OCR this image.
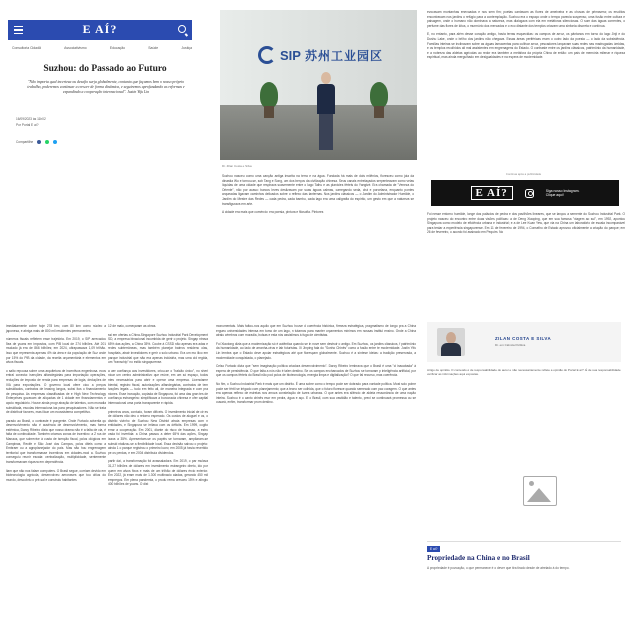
E AÍ?
Consultoria Cidadã	Associativismo	Educação	Saúde	Justiça
Suzhou: do Passado ao Futuro

"Não importa qual incerteza ou desafio surja globalmente, contanto que façamos bem o nosso próprio trabalho, poderemos continuar a crescer de forma dinâmica, e seguiremos aprofundando as reformas e expandindo a cooperação internacional". Justin Yifu Lin

16/09/2023 às 11h02
Por Portal E aí?
Compartilhe
SIP 苏州工业园区
Dr. Zilan Costa e Silva

Suzhou nasceu como uma canção antiga inscrita na terra e na água. Fundada há mais de dois milênios, floresceu como joia da dinastia Wu e tornou-se, sob Tang e Song, um dos berços da civilização chinesa. Seus canais entrelaçados serpenteavam como veias líquidas de uma cidade que respirava suavemente entre o lago Taihu e as planícies férteis do Yangtzé. Era chamada de "Veneza do Oriente", não por acaso: barcos leves deslizavam por suas águas calmas, carregando seda, chá e porcelana, enquanto pontes arqueadas ligavam caminhos delicados sobre o reflexo das lanternas. Nos jardins clássicos — o Jardim do Administrador Humilde, o Jardim do Mestre das Redes — cada pedra, cada bambu, cada lago era uma caligrafia do espírito, um gesto em que a natureza se transfigurava em arte.

A cidade era mais que comércio: era poesia, pintura e filosofia. Pintores

evocavam montanhas enevoadas e nos sem fim; poetas cantavam as flores de ameixeira e as chuvas de primavera; os eruditos encontravam nos jardins o refúgio para a contemplação. Suzhou era o espaço onde o tempo parecia suspenso, uma fusão entre cultura e paisagem, onde o humano não dominava a natureza, mas dialogava com ela em metáforas silenciosas. O som das águas correntes, o perfume das flores de lótus, o murmúrio dos mercados e o eco distante dos templos criavam uma sinfonia discreta e contínua.

E, no entanto, para além desse coração antigo, havia terras esquecidas: os campos de arroz, os pântanos em torno do lago Jinji e do Dushu Lake, onde o brilho dos jardins não chegava. Essas áreas periféricas eram o outro lado da poesia — o lado da subsistência. Famílias inteiras se inclinavam sobre as águas lamacentas para cultivar arroz, pescadores lançavam suas redes nas madrugadas úmidas, e os templos recolhidos ali mal assistentes em engrenagens do Estado. O contraste entre os jardins clássicos, patrimônio da humanidade, e a nobreza das aldeias agrícolas ao redor era também a metáfora da própria China de então: um país de memória milenar e riqueza espiritual, mas ainda mergulhado em desigualdades e na espera de modernidade.

Continua após a publicidade
E AÍ?	Siga nosso Instagram.
Clique aqui!

Foi nesse entorno humilde, longe dos palácios de pedra e dos pavilhões lineares, que se lançou a semente do Suzhou Industrial Park. O projeto nasceu do encontro entre duas visões políticas: a de Deng Xiaoping, que em sua famosa "viagem ao sul", em 1992, apontou Singapura como modelo de eficiência urbana e industrial; e a de Lee Kuan Yew, que via na China um laboratório de escala incomparável para testar a experiência singapurense. Em 11 de fevereiro de 1994, o Conselho de Estado aprovou oficialmente a criação do parque; em 26 de fevereiro, o acordo foi assinado em Pequim. No

imediatamente cobre hoje 278 km², com 80 km² como núcleo a japonesa, e abriga mais de 800 mil residentes permanentes.

números fiscais refletem esse trajetória. Em 2019, o SIP arrecadou 5ea de yuans em impostos, com PIB local de 274 bilhões. Até 201 mudado já era de 866 bilhões; em 2024, ultrapassava 1,09 trilhão. Isso que representa apenas 4% da área e da população de Suz onde por 15% do PIB da cidade, da receita orçamentária e elementos em alvos fiscais.

o salto repousa sobre uma arquitetura de incentivos engenhosa. ecos entral conecta: isenções alfandegárias para importação operações, reduções de imposto de renda para empresas de logia, deduções de IVA para exportações. O governo local ofere ciou a preços subsidiados, contratos de leasing longos, subsí itos o financiamento de pesquisa. As empresas classificadas de e High New Technology Enterprises gozavam de alíquotas de 1 cidade em financiamentos e apoio regulatório. Houve ainda progr atração de talentos, com moradia subsidiada, escolas internaciona ias para pesquisadores. Não se trata de distribuir favores, mas ilicar um ecossistema competitivo.

parado ao Brasil, o contraste é pungente. Onde Furtado advertia qu desenvolvimento não é ausência de desenvolvimento, mas forma estêmica, Darcy Ribeiro dizia que nosso drama não é a falta de cia, é falta de continuidade. Também criamos zonas de incentivo: a Z rca de Manaus, que sobrevive à custa de isenção fiscal, polos ológicos em Campinas, Recife e São José dos Campos, polos diteis como a Embraer ou a agroplanejador do país. Mas não hou engrenagem territorial que transformasse incentivos em cidades-mod a. Suzhou conseguiu reunir escala: centralização, multiplicidade, sentemente transformavam riqueza em dependência.

liam que não nos falam computers. O Brasil segue, corríam devido em biotecnologia agrícola, desenvolveu aeronaves que tou citius do mundo, descobriu o pré-sal e construiu habitantes

12 de maio, começaram as obras.

ssi em ofertas a China-Singapore Suzhou Industrial Park Development SD, a empresa binacional incumbida de gerir o projeto. Singap ntrava 65% das ações, a China 35%. Coube à CSSD não apenas era adas e redes subterrâneas, mas também planejar bairros residenc olas, hospitais, atrair investidores e gerir o solo urbano. Era um mo ilico em parque industrial que não era apenas indústria, mas uma cid regida, um "transchip" no estilo singapurense.

a aer confiança aos investidores, criou-se o "balcão único", no sheri nicar um centro administrativo que reúne, em um só espaço, todos ntes necessários para abrir e operar uma empresa. Licenciame biental, registro fiscal, autorizações alfandegárias, contratos de tem ivações legais — tudo em feito ali, de maneira integrada e com pra niones. Esse inovação, copiada de Singapura, foi uma das gran tes de confiança estrangeira: simplificava a burocracia chinesa e ofer capital internacional uma porta transparente e rápida.

primeiros anos, contudo, foram difíceis. O investimento inicial de cir es de dólares não deu o retorno esperado. Os custos de aluguel e os, o distrito vizinho de Suzhou New District atraía empresas com n entidades, e Singapura se irritava com os déficits. Em 1999, cogito errar a cooperação. Em 2001, diante do risco de fracasso, a estru vada foi invertida: a China passou a deter 65% das ações, Singap izava a 35%. Apresentam-se os papéis se tornaram, ampliaram-se subsid ntalizou-se a flexibilidade local. Essa decisão salvou o projeto: ainda 1 o parque registrou o primeiro lucro; em 2005 já havia revertido pe os perdas, e em 2004 distribuía dividendos.

partir daí, a transformação foi avassaladora. Em 2019, o par mulava 31,27 bilhões de dólares em investimento estrangeiro direto, ido por quem em alvos fixos e mais de um trilhão de dólares ércio exterior. Em 2022, já eram mais de 1.300 multinacio aladas, gerando 450 mil empregos. Em plena pandemia, o produ rema cresceu 15% e atingiu 400 bilhões de yuans. O dist

monumentais. Mais faltou-nos aquilo que em Suzhou houve d coerência histórica, firmeza estratégica, pragmatismo de longo pra a China ergueu universidades intensa em tomo de um lago, n tutamos para manter orçamentos mínimos em nossas institui ensino. Onde a China atraiu cérebros com moradia, bolsas e esta nós assistimos à fuga de cientistas.

Foi Xiaotong dizia que a modernização só é autêntica quando se in nove sem destruir o antigo. Em Suzhou, os jardins clássicos, f patrimônio da humanidade, ao lado de arranha-céus e lab futuristas. Xi Jinping fala do "Sonho Chinês" como a fusão entre te modernidade. Justin Yifu Lin lembra que o Estado deve apoiar estratégicos até que floresçam globalmente. Suzhou é a síntese ideias: a tradição preservada, a modernidade conquistada, o planejado.

Celso Furtado dizia que "sem imaginação política criadora desenvolvimento". Darcy Ribeiro lembrava que o Brasil é uma "ci inacabada" à espera de persistência. O que falta a nós não é talen destino. Se os campos encharcados de Suzhou se tornaram p inteligência artificial, por que os campos férteis do Brasil não pod polos de biotecnologia, energia limpa e digitalização? O que fal recurso, mas coerência.

No fim, o Suzhou Industrial Park é mais que um distrito. É uma sobre como o tempo pode ser dobrado para vontade política. Most solo pobre pode ser fértil se irrigado com planejamento; que a tecno ser colhida, que o futuro floresce quando semeado com pac coragem. O que antes era apenas reflexo de estrelas nos arroza constelação de luzes urbanas. O que antes era silêncio de aldeia ressonância de uma nação inteira. Suzhou é o canto chinês escr em pedra, água e aço. E o Brasil, com sua vastidão e talento, preci se continuará promessa ou se ousará, enfim, transformar prom destino.

ZILAN COSTA E SILVA
Dr. em Ciência Política

Artigo de opinião. O conteúdo é de responsabilidade do autor e não necessariamente reflete a opinião do Portal E aí?. É de sua responsabilidade verificar as informações aqui expostas.

E aí?
Propriedade na China e no Brasil

A propriedade é povoação, o que permanece é o dever que tira tirado desde de atrelado à do tempo.
